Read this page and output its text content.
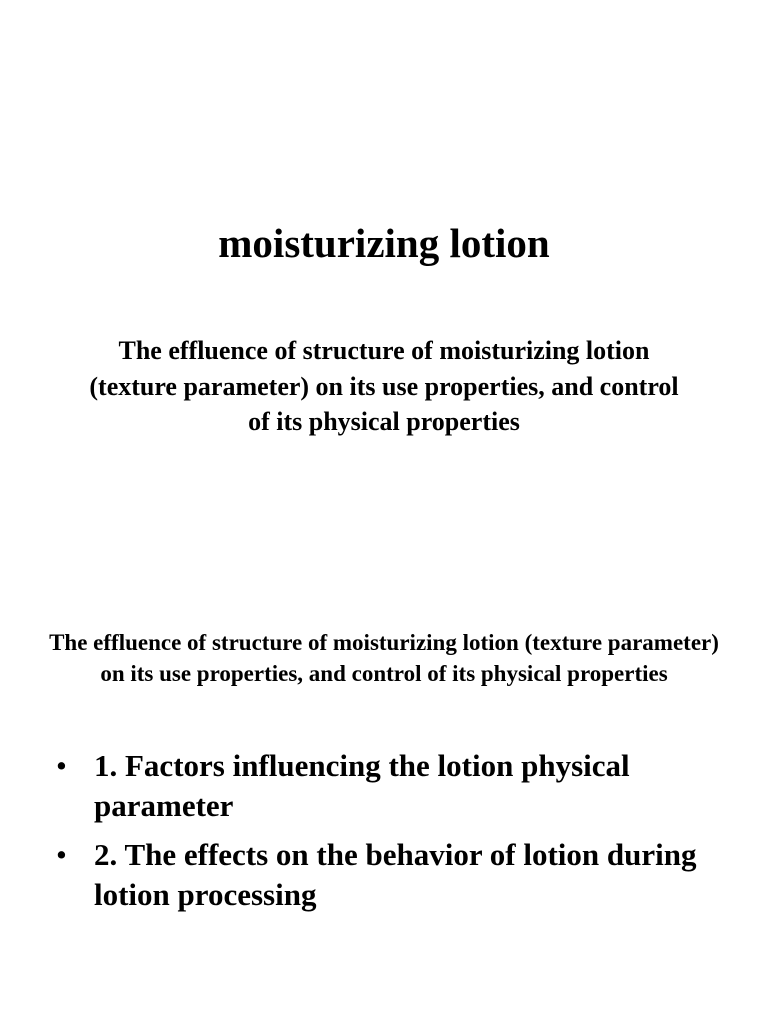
moisturizing lotion

The effluence of structure of moisturizing lotion (texture parameter) on its use properties, and control of its physical properties

The effluence of structure of moisturizing lotion (texture parameter) on its use properties, and control of its physical properties
• 1. Factors influencing the lotion physical parameter
• 2. The effects on the behavior of lotion during lotion processing
